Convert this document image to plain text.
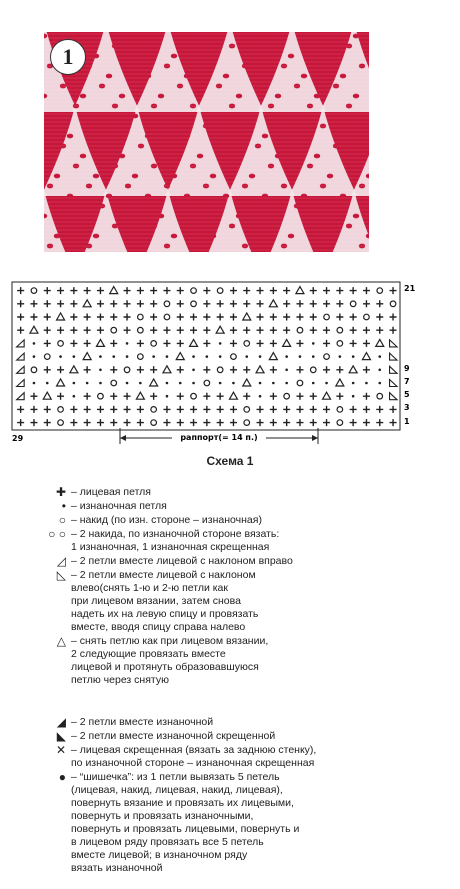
1
21
9
7
5
3
1
29	раппорт(= 14 п.)
Схема 1
✚ – лицевая петля
• – изнаночная петля
○ – накид (по изн. стороне – изнаночная)
○ ○ – 2 накида, по изнаночной стороне вязать:
1 изнаночная, 1 изнаночная скрещенная
◿ – 2 петли вместе лицевой с наклоном вправо
◺ – 2 петли вместе лицевой с наклоном
влево(снять 1-ю и 2-ю петли как
при лицевом вязании, затем снова
надеть их на левую спицу и провязать
вместе, вводя спицу справа налево
△ – снять петлю как при лицевом вязании,
2 следующие провязать вместе
лицевой и протянуть образовавшуюся
петлю через снятую
◢ – 2 петли вместе изнаночной
◣ – 2 петли вместе изнаночной скрещенной
✕ – лицевая скрещенная (вязать за заднюю стенку),
по изнаночной стороне – изнаночная скрещенная
● – “шишечка”: из 1 петли вывязать 5 петель
(лицевая, накид, лицевая, накид, лицевая),
повернуть вязание и провязать их лицевыми,
повернуть и провязать изнаночными,
повернуть и провязать лицевыми, повернуть и
в лицевом ряду провязать все 5 петель
вместе лицевой; в изнаночном ряду
вязать изнаночной
